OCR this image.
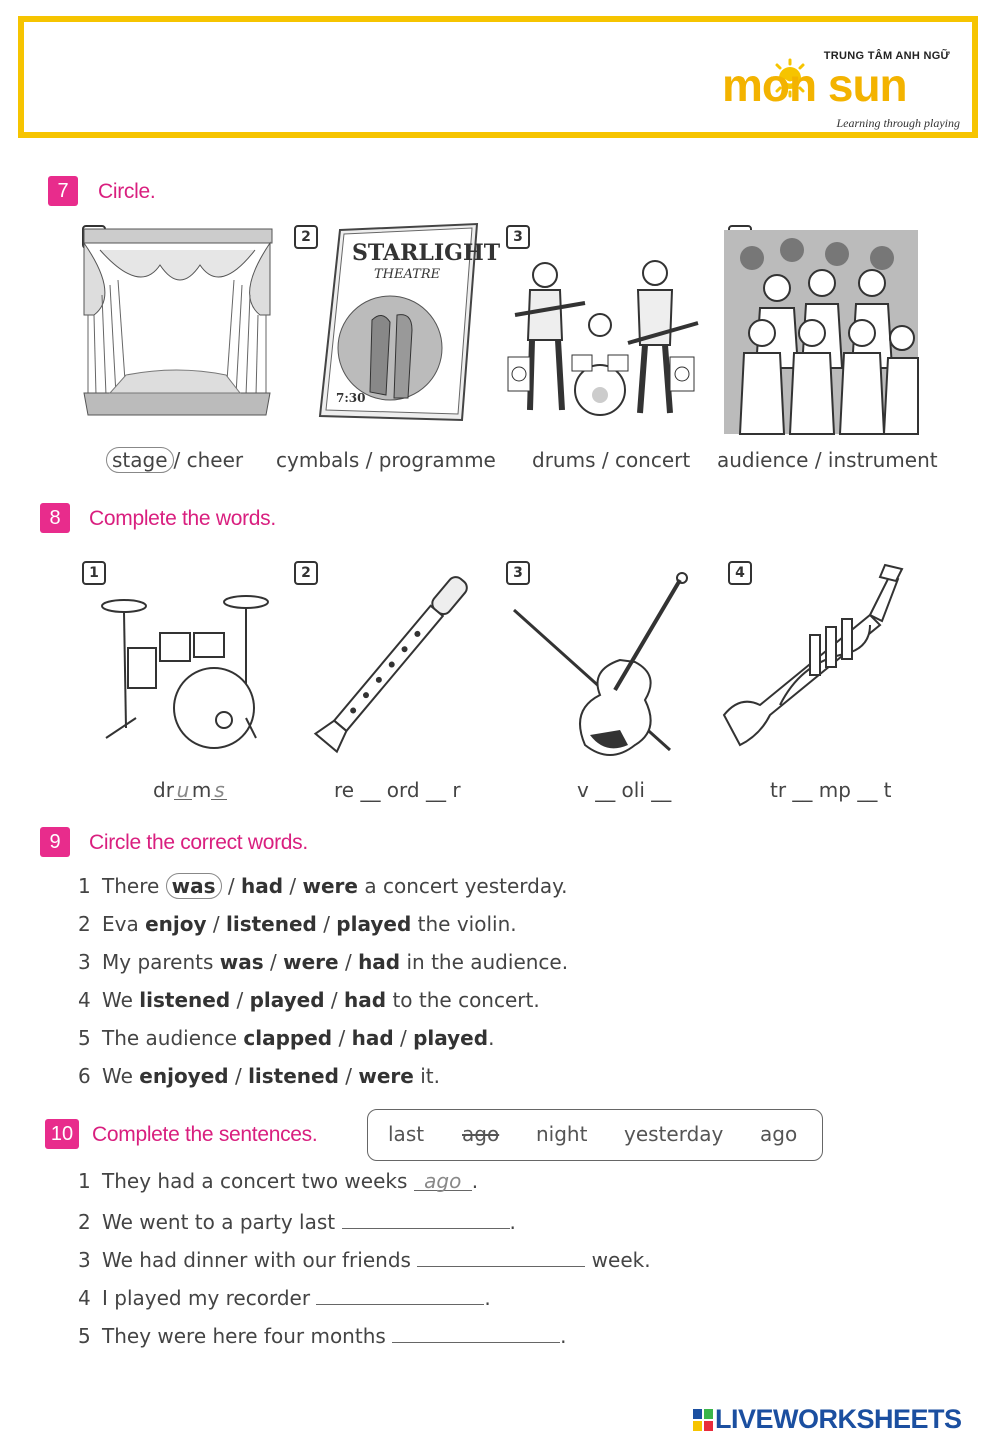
TRUNG TÂM ANH NGỮ
mon sun
Learning through playing
7	Circle.
2
STARLIGHT
THEATRE
7:30
3
stage / cheer cymbals / programme drums / concert audience / instrument
8	Complete the words.
1	2	3	4
dr u m s	re __ ord __ r	v __ oli __	tr __ mp __ t
9	Circle the correct words.
1 There was / had / were a concert yesterday.
2 Eva enjoy / listened / played the violin.
3 My parents was / were / had in the audience.
4 We listened / played / had to the concert.
5 The audience clapped / had / played.
6 We enjoyed / listened / were it.
10 Complete the sentences.	last ago night yesterday ago
1 They had a concert two weeks ago .
2 We went to a party last	.
3 We had dinner with our friends	week.
4 I played my recorder	.
5 They were here four months	.
LIVEWORKSHEETS
